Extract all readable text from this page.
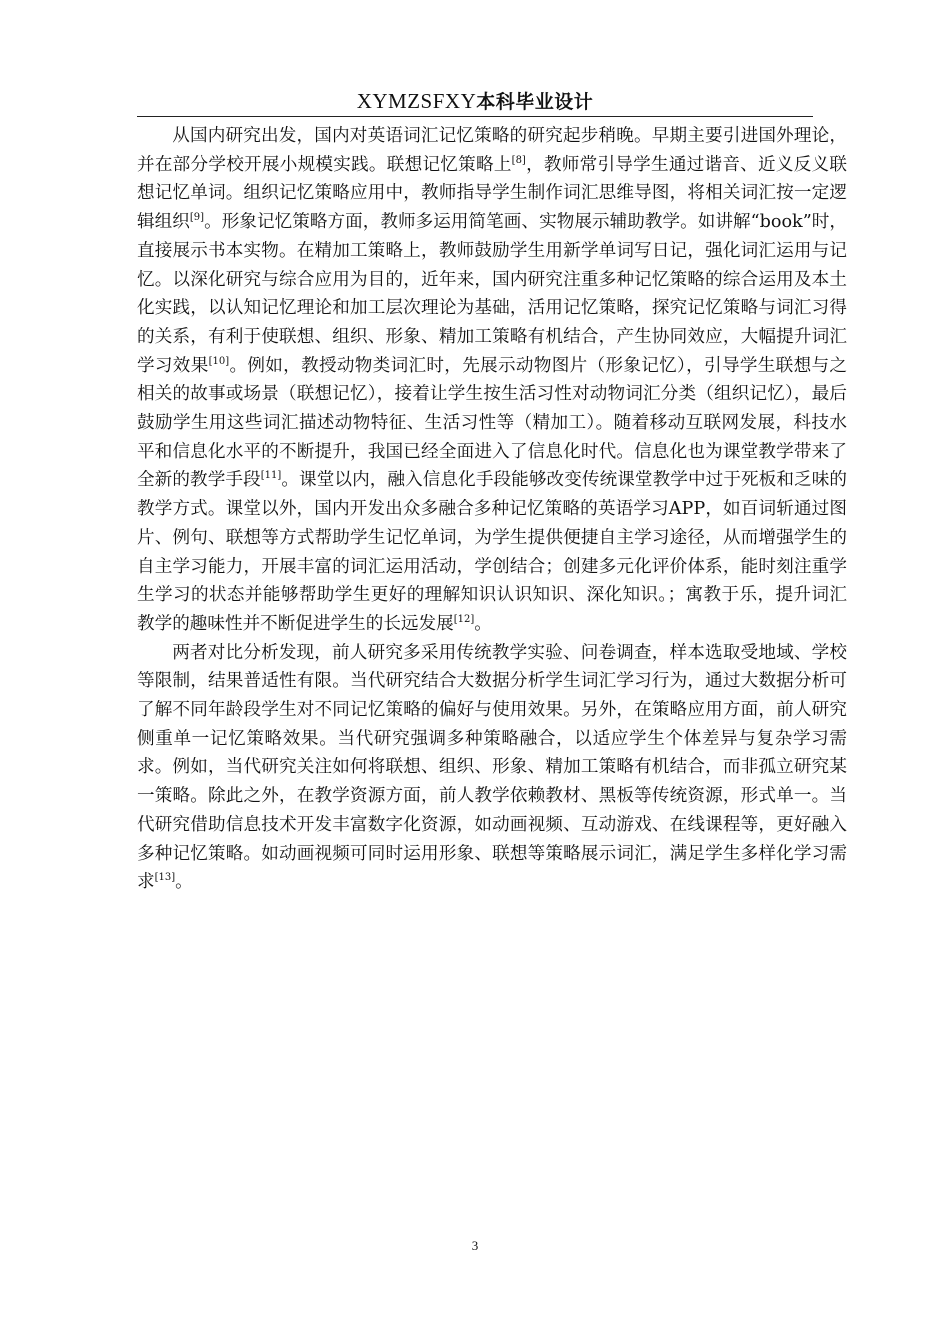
XYMZSFXY本科毕业设计

从国内研究出发，国内对英语词汇记忆策略的研究起步稍晚。早期主要引进国外理论，并在部分学校开展小规模实践。联想记忆策略上[8]，教师常引导学生通过谐音、近义反义联想记忆单词。组织记忆策略应用中，教师指导学生制作词汇思维导图，将相关词汇按一定逻辑组织[9]。形象记忆策略方面，教师多运用简笔画、实物展示辅助教学。如讲解“book”时，直接展示书本实物。在精加工策略上，教师鼓励学生用新学单词写日记，强化词汇运用与记忆。以深化研究与综合应用为目的，近年来，国内研究注重多种记忆策略的综合运用及本土化实践，以认知记忆理论和加工层次理论为基础，活用记忆策略，探究记忆策略与词汇习得的关系，有利于使联想、组织、形象、精加工策略有机结合，产生协同效应，大幅提升词汇学习效果[10]。例如，教授动物类词汇时，先展示动物图片（形象记忆），引导学生联想与之相关的故事或场景（联想记忆），接着让学生按生活习性对动物词汇分类（组织记忆），最后鼓励学生用这些词汇描述动物特征、生活习性等（精加工）。随着移动互联网发展，科技水平和信息化水平的不断提升，我国已经全面进入了信息化时代。信息化也为课堂教学带来了全新的教学手段[11]。课堂以内，融入信息化手段能够改变传统课堂教学中过于死板和乏味的教学方式。课堂以外，国内开发出众多融合多种记忆策略的英语学习APP，如百词斩通过图片、例句、联想等方式帮助学生记忆单词，为学生提供便捷自主学习途径，从而增强学生的自主学习能力，开展丰富的词汇运用活动，学创结合；创建多元化评价体系，能时刻注重学生学习的状态并能够帮助学生更好的理解知识认识知识、深化知识。；寓教于乐，提升词汇教学的趣味性并不断促进学生的长远发展[12]。

两者对比分析发现，前人研究多采用传统教学实验、问卷调查，样本选取受地域、学校等限制，结果普适性有限。当代研究结合大数据分析学生词汇学习行为，通过大数据分析可了解不同年龄段学生对不同记忆策略的偏好与使用效果。另外，在策略应用方面，前人研究侧重单一记忆策略效果。当代研究强调多种策略融合，以适应学生个体差异与复杂学习需求。例如，当代研究关注如何将联想、组织、形象、精加工策略有机结合，而非孤立研究某一策略。除此之外，在教学资源方面，前人教学依赖教材、黑板等传统资源，形式单一。当代研究借助信息技术开发丰富数字化资源，如动画视频、互动游戏、在线课程等，更好融入多种记忆策略。如动画视频可同时运用形象、联想等策略展示词汇，满足学生多样化学习需求[13]。

3
